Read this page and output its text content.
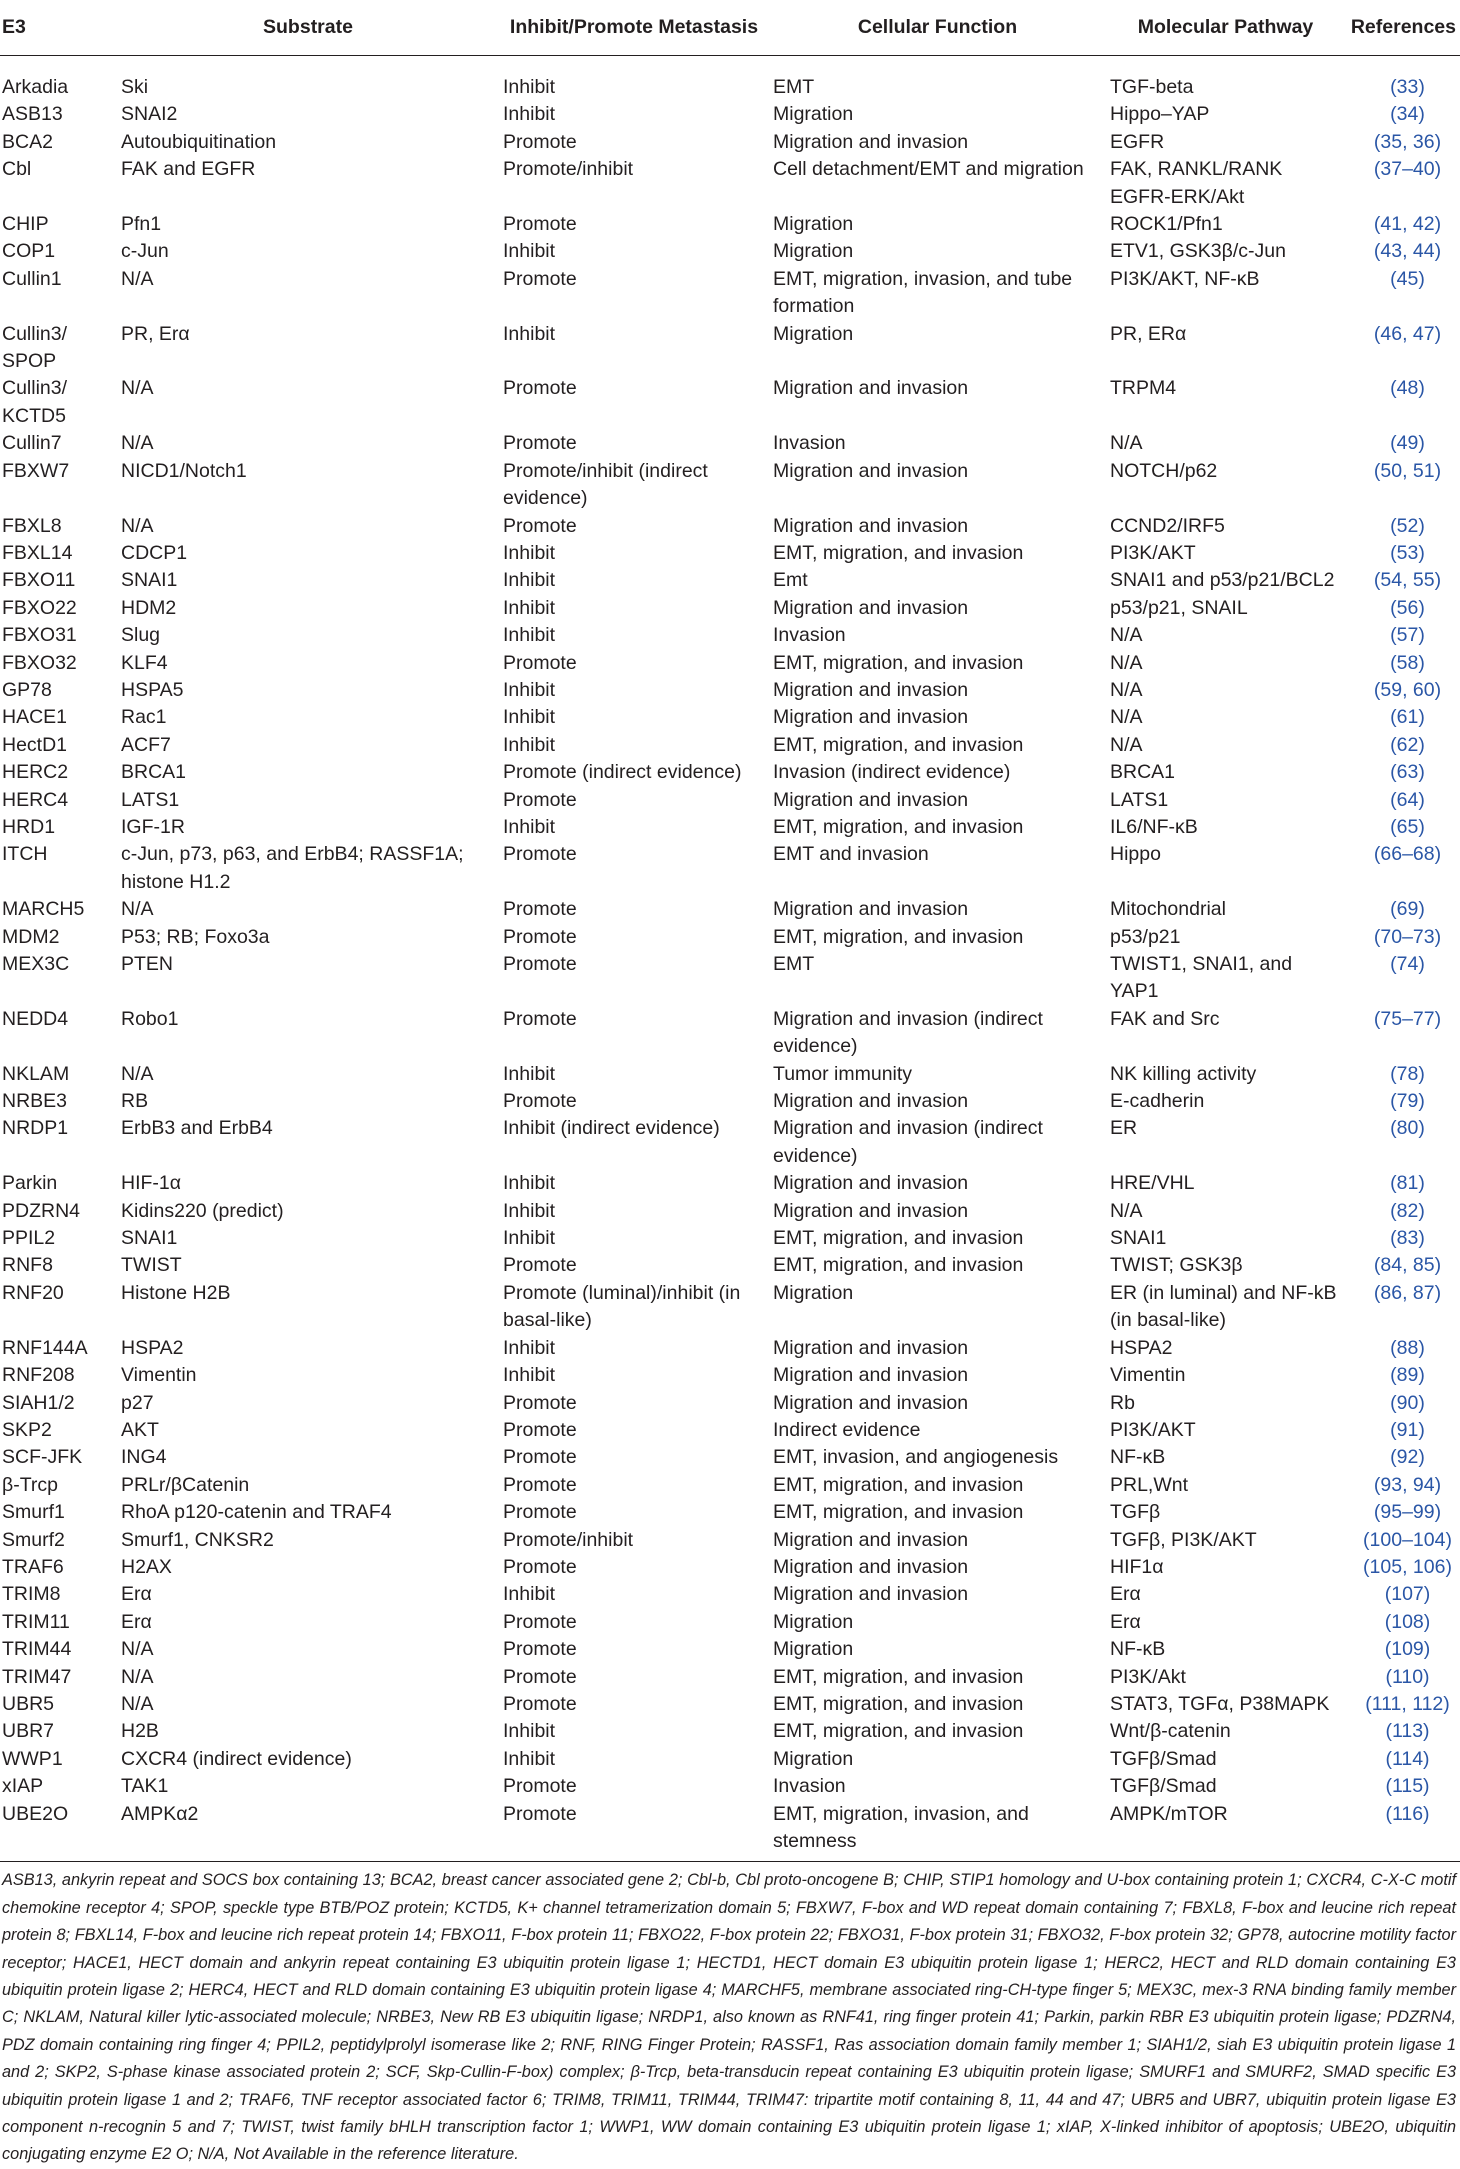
E3	Substrate	Inhibit/Promote Metastasis	Cellular Function	Molecular Pathway	References
Arkadia	Ski	Inhibit	EMT	TGF-beta	(33)
ASB13	SNAI2	Inhibit	Migration	Hippo–YAP	(34)
BCA2	Autoubiquitination	Promote	Migration and invasion	EGFR	(35, 36)
Cbl	FAK and EGFR	Promote/inhibit	Cell detachment/EMT and migration	FAK, RANKL/RANK EGFR-ERK/Akt	(37–40)
CHIP	Pfn1	Promote	Migration	ROCK1/Pfn1	(41, 42)
COP1	c-Jun	Inhibit	Migration	ETV1, GSK3β/c-Jun	(43, 44)
Cullin1	N/A	Promote	EMT, migration, invasion, and tube formation	PI3K/AKT, NF-κB	(45)
Cullin3/ SPOP	PR, Erα	Inhibit	Migration	PR, ERα	(46, 47)
Cullin3/ KCTD5	N/A	Promote	Migration and invasion	TRPM4	(48)
Cullin7	N/A	Promote	Invasion	N/A	(49)
FBXW7	NICD1/Notch1	Promote/inhibit (indirect evidence)	Migration and invasion	NOTCH/p62	(50, 51)
FBXL8	N/A	Promote	Migration and invasion	CCND2/IRF5	(52)
FBXL14	CDCP1	Inhibit	EMT, migration, and invasion	PI3K/AKT	(53)
FBXO11	SNAI1	Inhibit	Emt	SNAI1 and p53/p21/BCL2	(54, 55)
FBXO22	HDM2	Inhibit	Migration and invasion	p53/p21, SNAIL	(56)
FBXO31	Slug	Inhibit	Invasion	N/A	(57)
FBXO32	KLF4	Promote	EMT, migration, and invasion	N/A	(58)
GP78	HSPA5	Inhibit	Migration and invasion	N/A	(59, 60)
HACE1	Rac1	Inhibit	Migration and invasion	N/A	(61)
HectD1	ACF7	Inhibit	EMT, migration, and invasion	N/A	(62)
HERC2	BRCA1	Promote (indirect evidence)	Invasion (indirect evidence)	BRCA1	(63)
HERC4	LATS1	Promote	Migration and invasion	LATS1	(64)
HRD1	IGF-1R	Inhibit	EMT, migration, and invasion	IL6/NF-κB	(65)
ITCH	c-Jun, p73, p63, and ErbB4; RASSF1A; histone H1.2	Promote	EMT and invasion	Hippo	(66–68)
MARCH5	N/A	Promote	Migration and invasion	Mitochondrial	(69)
MDM2	P53; RB; Foxo3a	Promote	EMT, migration, and invasion	p53/p21	(70–73)
MEX3C	PTEN	Promote	EMT	TWIST1, SNAI1, and YAP1	(74)
NEDD4	Robo1	Promote	Migration and invasion (indirect evidence)	FAK and Src	(75–77)
NKLAM	N/A	Inhibit	Tumor immunity	NK killing activity	(78)
NRBE3	RB	Promote	Migration and invasion	E-cadherin	(79)
NRDP1	ErbB3 and ErbB4	Inhibit (indirect evidence)	Migration and invasion (indirect evidence)	ER	(80)
Parkin	HIF-1α	Inhibit	Migration and invasion	HRE/VHL	(81)
PDZRN4	Kidins220 (predict)	Inhibit	Migration and invasion	N/A	(82)
PPIL2	SNAI1	Inhibit	EMT, migration, and invasion	SNAI1	(83)
RNF8	TWIST	Promote	EMT, migration, and invasion	TWIST; GSK3β	(84, 85)
RNF20	Histone H2B	Promote (luminal)/inhibit (in basal-like)	Migration	ER (in luminal) and NF-kB (in basal-like)	(86, 87)
RNF144A	HSPA2	Inhibit	Migration and invasion	HSPA2	(88)
RNF208	Vimentin	Inhibit	Migration and invasion	Vimentin	(89)
SIAH1/2	p27	Promote	Migration and invasion	Rb	(90)
SKP2	AKT	Promote	Indirect evidence	PI3K/AKT	(91)
SCF-JFK	ING4	Promote	EMT, invasion, and angiogenesis	NF-κB	(92)
β-Trcp	PRLr/βCatenin	Promote	EMT, migration, and invasion	PRL,Wnt	(93, 94)
Smurf1	RhoA p120-catenin and TRAF4	Promote	EMT, migration, and invasion	TGFβ	(95–99)
Smurf2	Smurf1, CNKSR2	Promote/inhibit	Migration and invasion	TGFβ, PI3K/AKT	(100–104)
TRAF6	H2AX	Promote	Migration and invasion	HIF1α	(105, 106)
TRIM8	Erα	Inhibit	Migration and invasion	Erα	(107)
TRIM11	Erα	Promote	Migration	Erα	(108)
TRIM44	N/A	Promote	Migration	NF-κB	(109)
TRIM47	N/A	Promote	EMT, migration, and invasion	PI3K/Akt	(110)
UBR5	N/A	Promote	EMT, migration, and invasion	STAT3, TGFα, P38MAPK	(111, 112)
UBR7	H2B	Inhibit	EMT, migration, and invasion	Wnt/β-catenin	(113)
WWP1	CXCR4 (indirect evidence)	Inhibit	Migration	TGFβ/Smad	(114)
xIAP	TAK1	Promote	Invasion	TGFβ/Smad	(115)
UBE2O	AMPKα2	Promote	EMT, migration, invasion, and stemness	AMPK/mTOR	(116)
ASB13, ankyrin repeat and SOCS box containing 13; BCA2, breast cancer associated gene 2; Cbl-b, Cbl proto-oncogene B; CHIP, STIP1 homology and U-box containing protein 1; CXCR4, C-X-C motif chemokine receptor 4; SPOP, speckle type BTB/POZ protein; KCTD5, K+ channel tetramerization domain 5; FBXW7, F-box and WD repeat domain containing 7; FBXL8, F-box and leucine rich repeat protein 8; FBXL14, F-box and leucine rich repeat protein 14; FBXO11, F-box protein 11; FBXO22, F-box protein 22; FBXO31, F-box protein 31; FBXO32, F-box protein 32; GP78, autocrine motility factor receptor; HACE1, HECT domain and ankyrin repeat containing E3 ubiquitin protein ligase 1; HECTD1, HECT domain E3 ubiquitin protein ligase 1; HERC2, HECT and RLD domain containing E3 ubiquitin protein ligase 2; HERC4, HECT and RLD domain containing E3 ubiquitin protein ligase 4; MARCHF5, membrane associated ring-CH-type finger 5; MEX3C, mex-3 RNA binding family member C; NKLAM, Natural killer lytic-associated molecule; NRBE3, New RB E3 ubiquitin ligase; NRDP1, also known as RNF41, ring finger protein 41; Parkin, parkin RBR E3 ubiquitin protein ligase; PDZRN4, PDZ domain containing ring finger 4; PPIL2, peptidylprolyl isomerase like 2; RNF, RING Finger Protein; RASSF1, Ras association domain family member 1; SIAH1/2, siah E3 ubiquitin protein ligase 1 and 2; SKP2, S-phase kinase associated protein 2; SCF, Skp-Cullin-F-box) complex; β-Trcp, beta-transducin repeat containing E3 ubiquitin protein ligase; SMURF1 and SMURF2, SMAD specific E3 ubiquitin protein ligase 1 and 2; TRAF6, TNF receptor associated factor 6; TRIM8, TRIM11, TRIM44, TRIM47: tripartite motif containing 8, 11, 44 and 47; UBR5 and UBR7, ubiquitin protein ligase E3 component n-recognin 5 and 7; TWIST, twist family bHLH transcription factor 1; WWP1, WW domain containing E3 ubiquitin protein ligase 1; xIAP, X-linked inhibitor of apoptosis; UBE2O, ubiquitin conjugating enzyme E2 O; N/A, Not Available in the reference literature.
